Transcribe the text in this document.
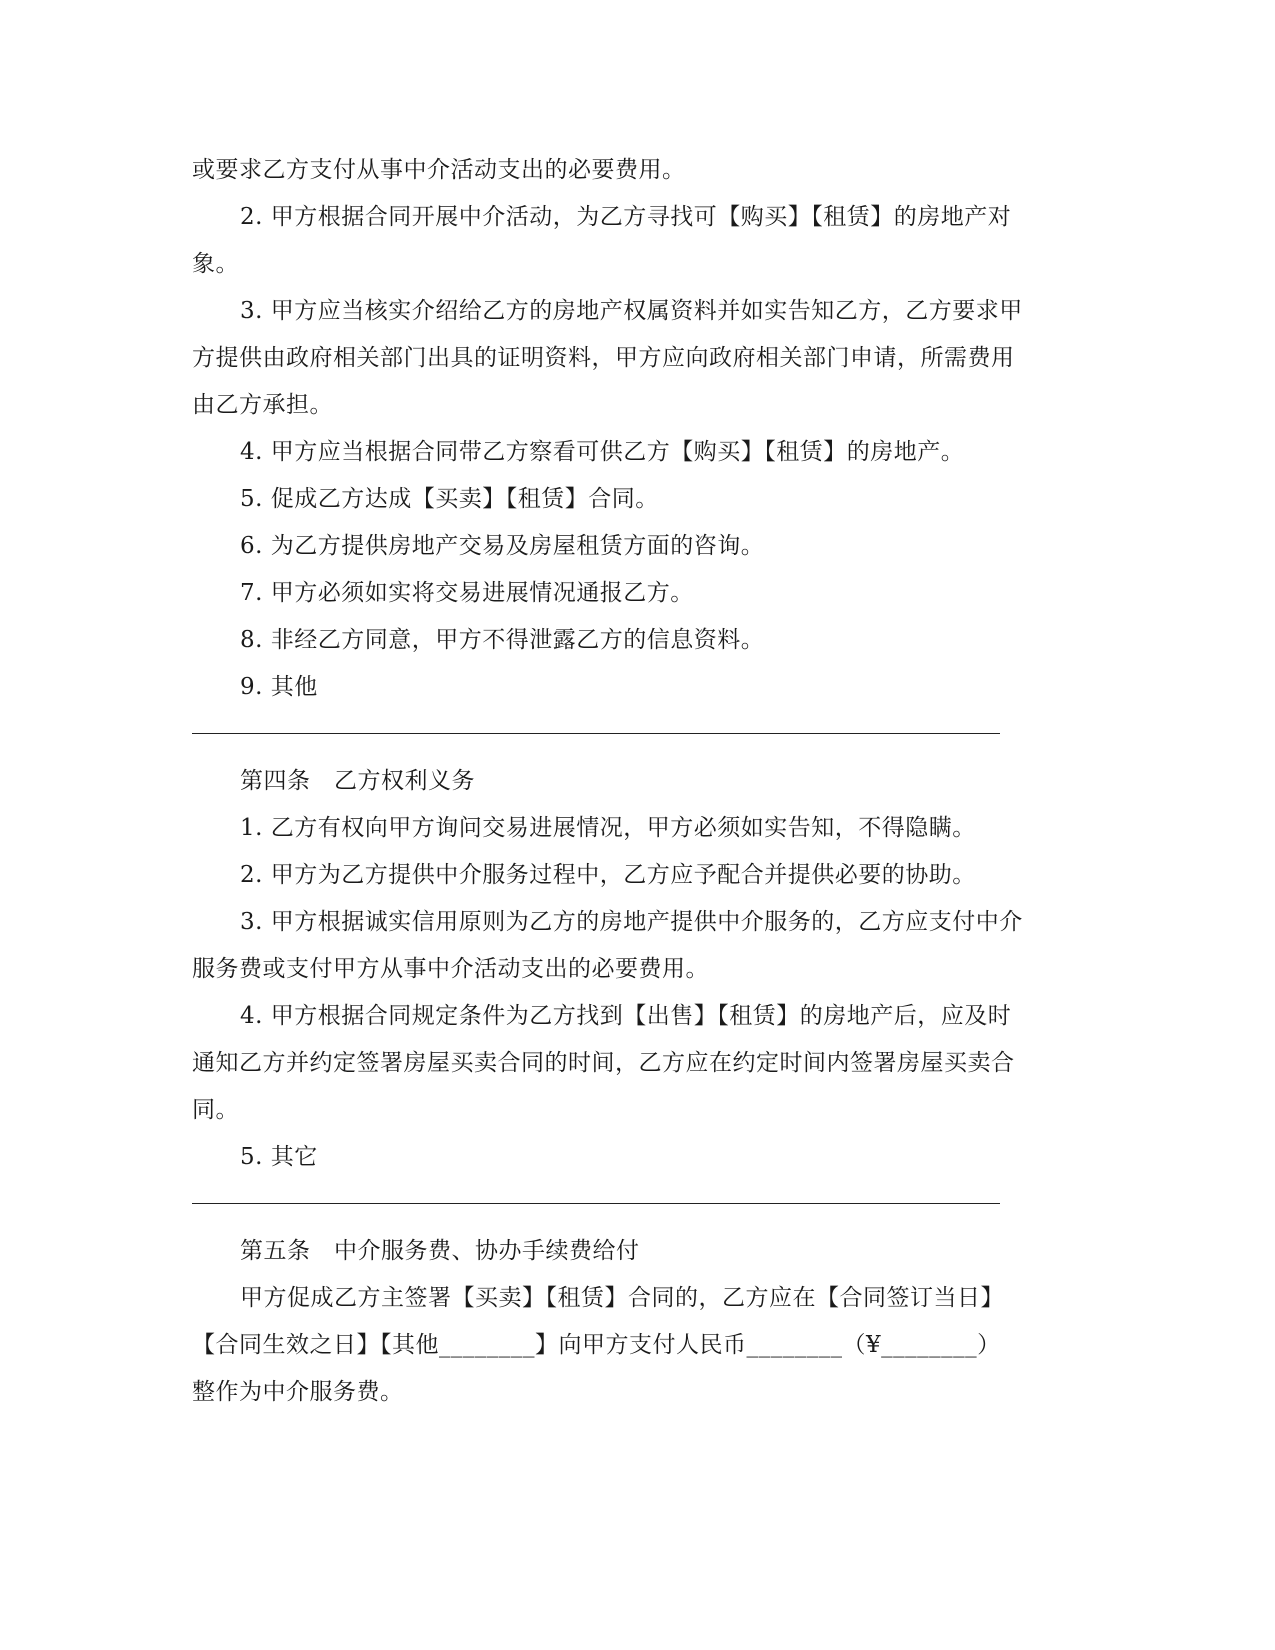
或要求乙方支付从事中介活动支出的必要费用。
2. 甲方根据合同开展中介活动，为乙方寻找可【购买】【租赁】的房地产对
象。
3. 甲方应当核实介绍给乙方的房地产权属资料并如实告知乙方，乙方要求甲
方提供由政府相关部门出具的证明资料，甲方应向政府相关部门申请，所需费用
由乙方承担。
4. 甲方应当根据合同带乙方察看可供乙方【购买】【租赁】的房地产。
5. 促成乙方达成【买卖】【租赁】合同。
6. 为乙方提供房地产交易及房屋租赁方面的咨询。
7. 甲方必须如实将交易进展情况通报乙方。
8. 非经乙方同意，甲方不得泄露乙方的信息资料。
9. 其他
第四条　乙方权利义务
1. 乙方有权向甲方询问交易进展情况，甲方必须如实告知，不得隐瞒。
2. 甲方为乙方提供中介服务过程中，乙方应予配合并提供必要的协助。
3. 甲方根据诚实信用原则为乙方的房地产提供中介服务的，乙方应支付中介
服务费或支付甲方从事中介活动支出的必要费用。
4. 甲方根据合同规定条件为乙方找到【出售】【租赁】的房地产后，应及时
通知乙方并约定签署房屋买卖合同的时间，乙方应在约定时间内签署房屋买卖合
同。
5. 其它
第五条　中介服务费、协办手续费给付
甲方促成乙方主签署【买卖】【租赁】合同的，乙方应在【合同签订当日】
【合同生效之日】【其他________】向甲方支付人民币________（¥________）
整作为中介服务费。
